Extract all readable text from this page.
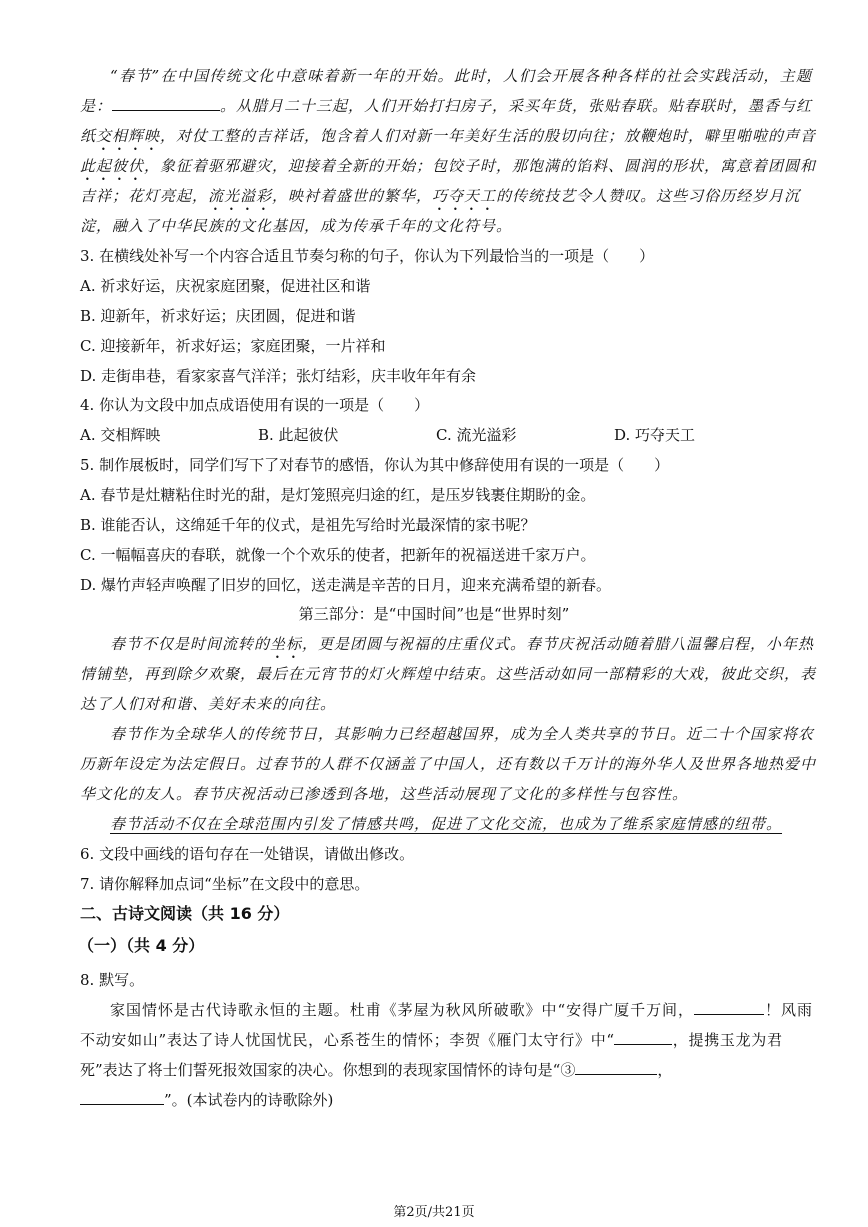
“春节”在中国传统文化中意味着新一年的开始。此时，人们会开展各种各样的社会实践活动，主题
是：	。从腊月二十三起，人们开始打扫房子，采买年货，张贴春联。贴春联时，墨香与红
纸交相辉映，对仗工整的吉祥话，饱含着人们对新一年美好生活的殷切向往；放鞭炮时，噼里啪啦的声音
此起彼伏，象征着驱邪避灾，迎接着全新的开始；包饺子时，那饱满的馅料、圆润的形状，寓意着团圆和
吉祥；花灯亮起，流光溢彩，映衬着盛世的繁华，巧夺天工的传统技艺令人赞叹。这些习俗历经岁月沉
淀，融入了中华民族的文化基因，成为传承千年的文化符号。
3. 在横线处补写一个内容合适且节奏匀称的句子，你认为下列最恰当的一项是（　　）
A. 祈求好运，庆祝家庭团聚，促进社区和谐
B. 迎新年，祈求好运；庆团圆，促进和谐
C. 迎接新年，祈求好运；家庭团聚，一片祥和
D. 走街串巷，看家家喜气洋洋；张灯结彩，庆丰收年年有余
4. 你认为文段中加点成语使用有误的一项是（　　）
A. 交相辉映	B. 此起彼伏	C. 流光溢彩	D. 巧夺天工
5. 制作展板时，同学们写下了对春节的感悟，你认为其中修辞使用有误的一项是（　　）
A. 春节是灶糖粘住时光的甜，是灯笼照亮归途的红，是压岁钱裹住期盼的金。
B. 谁能否认，这绵延千年的仪式，是祖先写给时光最深情的家书呢？
C. 一幅幅喜庆的春联，就像一个个欢乐的使者，把新年的祝福送进千家万户。
D. 爆竹声轻声唤醒了旧岁的回忆，送走满是辛苦的日月，迎来充满希望的新春。
第三部分：是“中国时间”也是“世界时刻”
春节不仅是时间流转的坐标，更是团圆与祝福的庄重仪式。春节庆祝活动随着腊八温馨启程，小年热
情铺垫，再到除夕欢聚，最后在元宵节的灯火辉煌中结束。这些活动如同一部精彩的大戏，彼此交织，表
达了人们对和谐、美好未来的向往。
春节作为全球华人的传统节日，其影响力已经超越国界，成为全人类共享的节日。近二十个国家将农
历新年设定为法定假日。过春节的人群不仅涵盖了中国人，还有数以千万计的海外华人及世界各地热爱中
华文化的友人。春节庆祝活动已渗透到各地，这些活动展现了文化的多样性与包容性。
春节活动不仅在全球范围内引发了情感共鸣，促进了文化交流，也成为了维系家庭情感的纽带。
6. 文段中画线的语句存在一处错误，请做出修改。
7. 请你解释加点词“坐标”在文段中的意思。
二、古诗文阅读（共 16 分）
（一）（共 4 分）
8. 默写。
家国情怀是古代诗歌永恒的主题。杜甫《茅屋为秋风所破歌》中“安得广厦千万间，	！风雨
不动安如山”表达了诗人忧国忧民，心系苍生的情怀；李贺《雁门太守行》中“	，提携玉龙为君
死”表达了将士们誓死报效国家的决心。你想到的表现家国情怀的诗句是“③	，
”。(本试卷内的诗歌除外)
第2页/共21页
